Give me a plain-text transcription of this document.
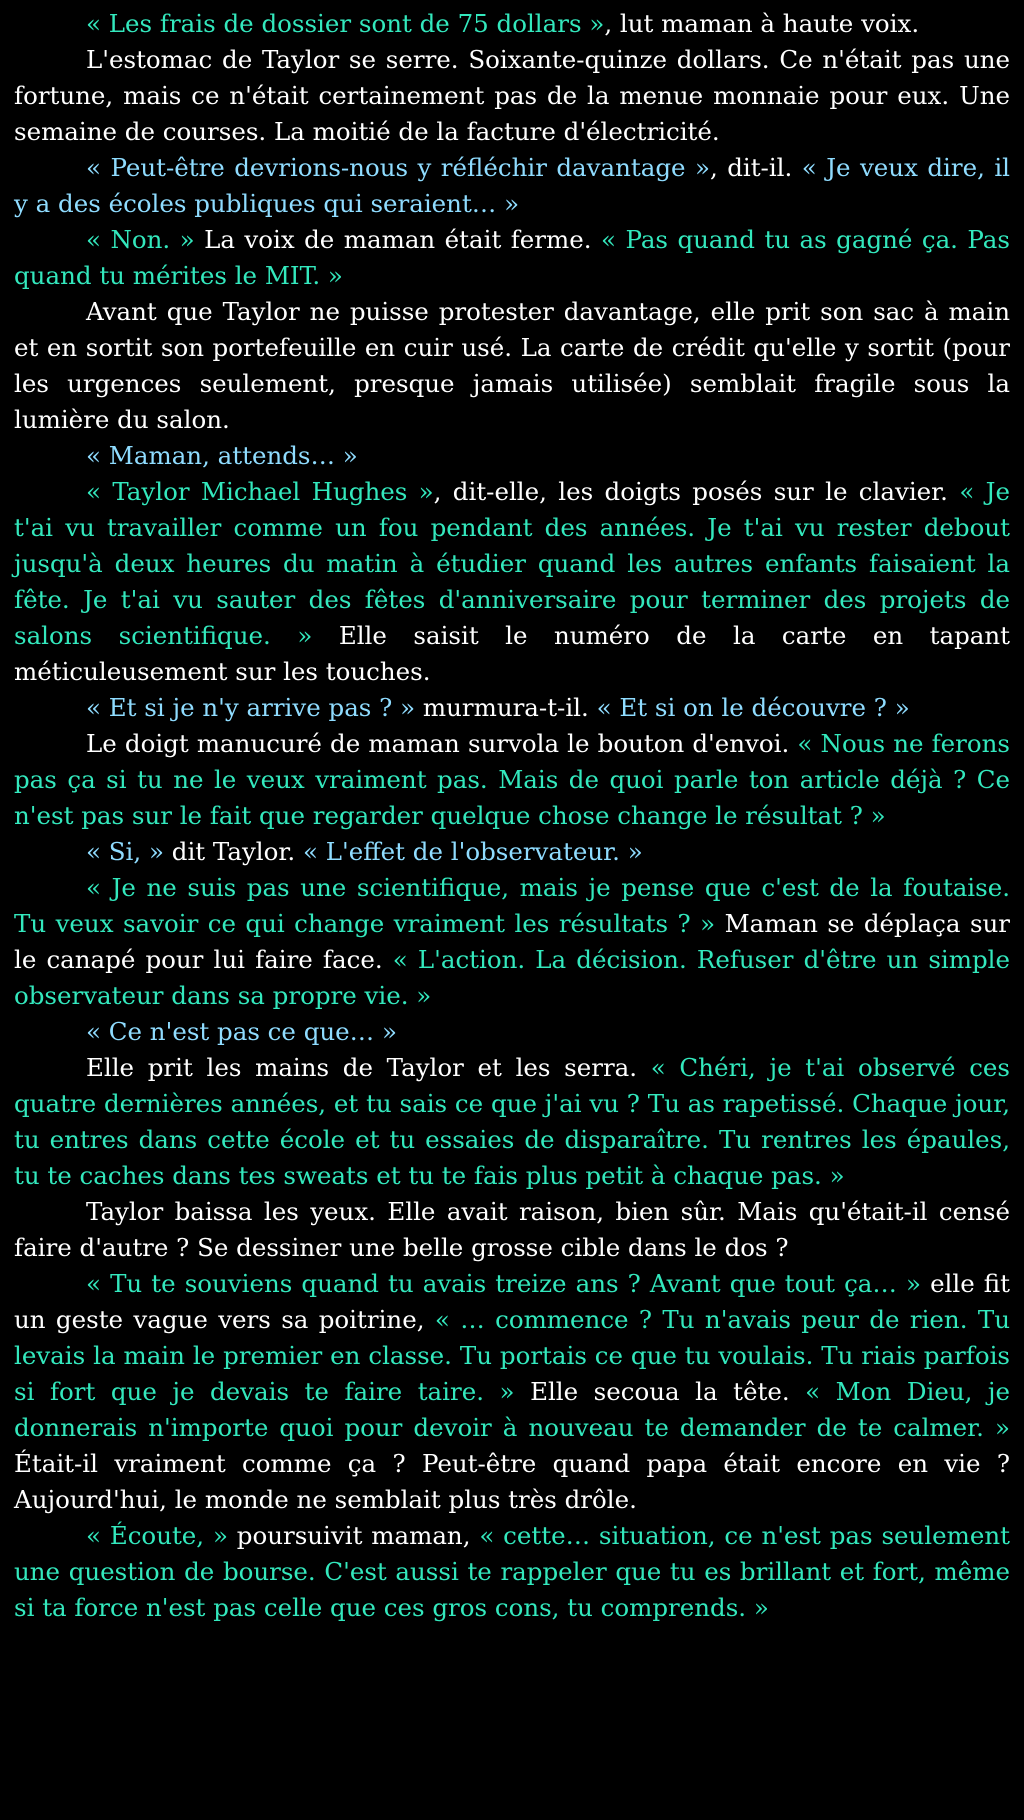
« Les frais de dossier sont de 75 dollars », lut maman à haute voix.

L'estomac de Taylor se serre. Soixante-quinze dollars. Ce n'était pas une fortune, mais ce n'était certainement pas de la menue monnaie pour eux. Une semaine de courses. La moitié de la facture d'électricité.

« Peut-être devrions-nous y réfléchir davantage », dit-il. « Je veux dire, il y a des écoles publiques qui seraient… »

« Non. » La voix de maman était ferme. « Pas quand tu as gagné ça. Pas quand tu mérites le MIT. »

Avant que Taylor ne puisse protester davantage, elle prit son sac à main et en sortit son portefeuille en cuir usé. La carte de crédit qu'elle y sortit (pour les urgences seulement, presque jamais utilisée) semblait fragile sous la lumière du salon.

« Maman, attends… »

« Taylor Michael Hughes », dit-elle, les doigts posés sur le clavier. « Je t'ai vu travailler comme un fou pendant des années. Je t'ai vu rester debout jusqu'à deux heures du matin à étudier quand les autres enfants faisaient la fête. Je t'ai vu sauter des fêtes d'anniversaire pour terminer des projets de salons scientifique. » Elle saisit le numéro de la carte en tapant méticuleusement sur les touches.

« Et si je n'y arrive pas ? » murmura-t-il. « Et si on le découvre ? »

Le doigt manucuré de maman survola le bouton d'envoi. « Nous ne ferons pas ça si tu ne le veux vraiment pas. Mais de quoi parle ton article déjà ? Ce n'est pas sur le fait que regarder quelque chose change le résultat ? »

« Si, » dit Taylor. « L'effet de l'observateur. »

« Je ne suis pas une scientifique, mais je pense que c'est de la foutaise. Tu veux savoir ce qui change vraiment les résultats ? » Maman se déplaça sur le canapé pour lui faire face. « L'action. La décision. Refuser d'être un simple observateur dans sa propre vie. »

« Ce n'est pas ce que… »

Elle prit les mains de Taylor et les serra. « Chéri, je t'ai observé ces quatre dernières années, et tu sais ce que j'ai vu ? Tu as rapetissé. Chaque jour, tu entres dans cette école et tu essaies de disparaître. Tu rentres les épaules, tu te caches dans tes sweats et tu te fais plus petit à chaque pas. »

Taylor baissa les yeux. Elle avait raison, bien sûr. Mais qu'était-il censé faire d'autre ? Se dessiner une belle grosse cible dans le dos ?

« Tu te souviens quand tu avais treize ans ? Avant que tout ça… » elle fit un geste vague vers sa poitrine, « … commence ? Tu n'avais peur de rien. Tu levais la main le premier en classe. Tu portais ce que tu voulais. Tu riais parfois si fort que je devais te faire taire. » Elle secoua la tête. « Mon Dieu, je donnerais n'importe quoi pour devoir à nouveau te demander de te calmer. » Était-il vraiment comme ça ? Peut-être quand papa était encore en vie ? Aujourd'hui, le monde ne semblait plus très drôle.

« Écoute, » poursuivit maman, « cette… situation, ce n'est pas seulement une question de bourse. C'est aussi te rappeler que tu es brillant et fort, même si ta force n'est pas celle que ces gros cons, tu comprends. »
